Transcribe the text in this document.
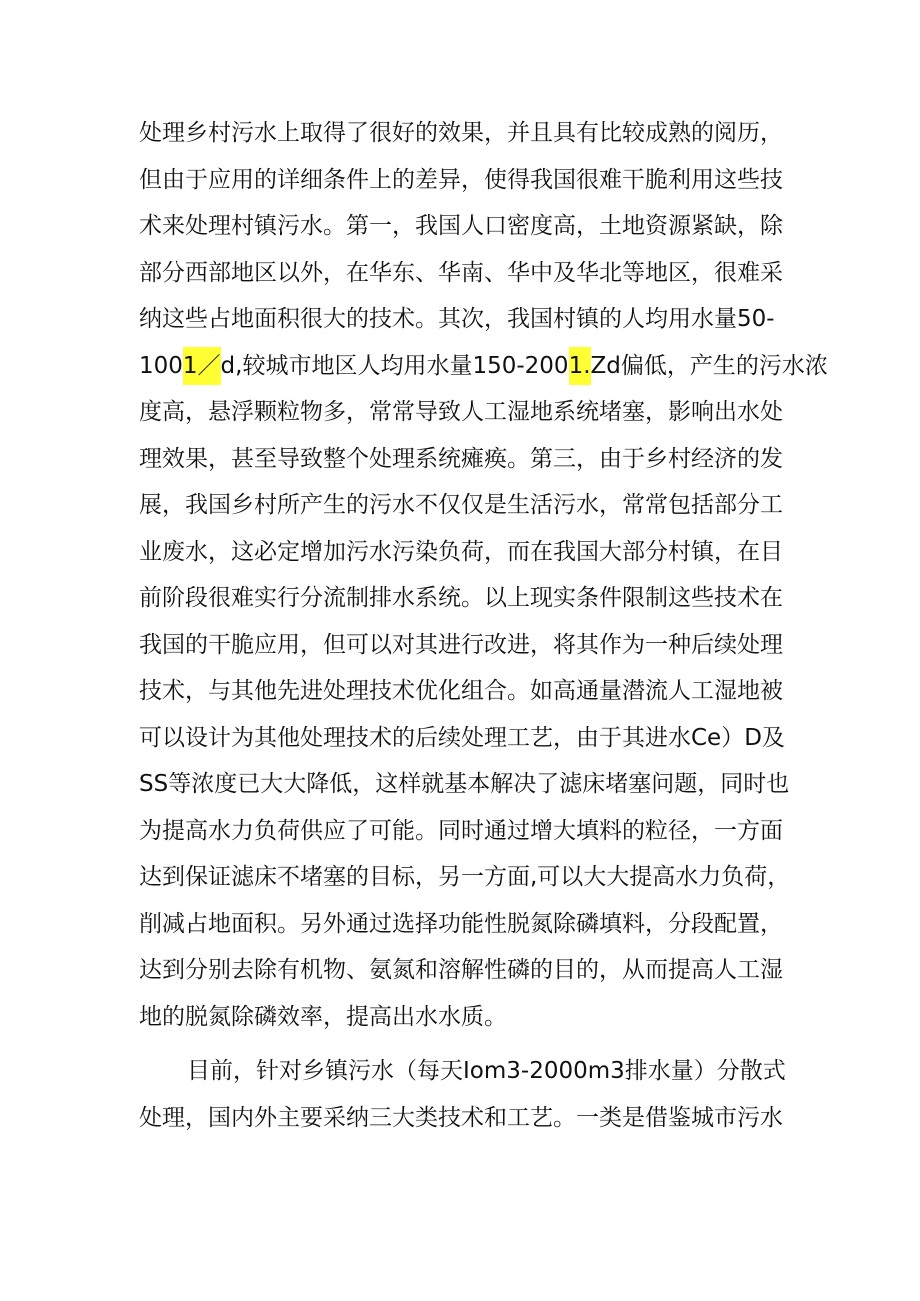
处理乡村污水上取得了很好的效果，并且具有比较成熟的阅历，
但由于应用的详细条件上的差异，使得我国很难干脆利用这些技
术来处理村镇污水。第一，我国人口密度高，土地资源紧缺，除
部分西部地区以外，在华东、华南、华中及华北等地区，很难采
纳这些占地面积很大的技术。其次，我国村镇的人均用水量50-
1001／d,较城市地区人均用水量150-2001.Zd偏低，产生的污水浓
度高，悬浮颗粒物多，常常导致人工湿地系统堵塞，影响出水处
理效果，甚至导致整个处理系统瘫痪。第三，由于乡村经济的发
展，我国乡村所产生的污水不仅仅是生活污水，常常包括部分工
业废水，这必定增加污水污染负荷，而在我国大部分村镇，在目
前阶段很难实行分流制排水系统。以上现实条件限制这些技术在
我国的干脆应用，但可以对其进行改进，将其作为一种后续处理
技术，与其他先进处理技术优化组合。如高通量潜流人工湿地被
可以设计为其他处理技术的后续处理工艺，由于其进水Ce）D及
SS等浓度已大大降低，这样就基本解决了滤床堵塞问题，同时也
为提高水力负荷供应了可能。同时通过增大填料的粒径，一方面
达到保证滤床不堵塞的目标，另一方面,可以大大提高水力负荷，
削减占地面积。另外通过选择功能性脱氮除磷填料，分段配置，
达到分别去除有机物、氨氮和溶解性磷的目的，从而提高人工湿
地的脱氮除磷效率，提高出水水质。
目前，针对乡镇污水（每天Iom3-2000m3排水量）分散式
处理，国内外主要采纳三大类技术和工艺。一类是借鉴城市污水
